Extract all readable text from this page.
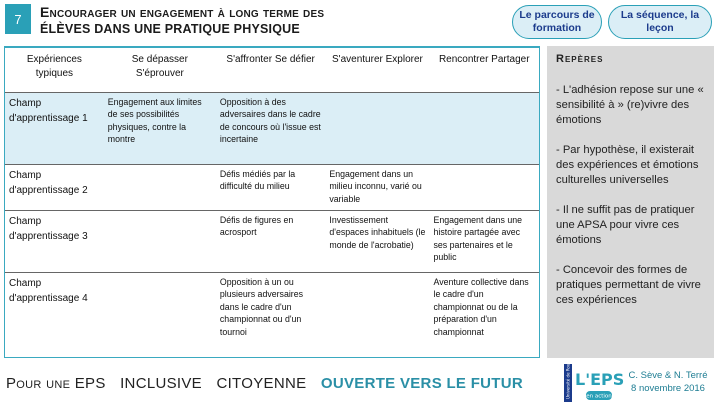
7	Encourager un engagement à long terme des
ÉLÈVES DANS UNE PRATIQUE PHYSIQUE
Le parcours de formation
La séquence, la leçon
Expériences typiques	Se dépasser S'éprouver	S'affronter Se défier	S'aventurer Explorer	Rencontrer Partager
Champ d'apprentissage 1	Engagement aux limites de ses possibilités physiques, contre la montre	Opposition à des adversaires dans le cadre de concours où l'issue est incertaine		
Champ d'apprentissage 2		Défis médiés par la difficulté du milieu	Engagement dans un milieu inconnu, varié ou variable	
Champ d'apprentissage 3		Défis de figures en acrosport	Investissement d'espaces inhabituels (le monde de l'acrobatie)	Engagement dans une histoire partagée avec ses partenaires et le public
Champ d'apprentissage 4		Opposition à un ou plusieurs adversaires dans le cadre d'un championnat ou d'un tournoi		Aventure collective dans le cadre d'un championnat ou de la préparation d'un championnat
Repères
- L'adhésion repose sur une « sensibilité à » (re)vivre des émotions
- Par hypothèse, il existerait des expériences et émotions culturelles universelles
- Il ne suffit pas de pratiquer une APSA pour vivre ces émotions
- Concevoir des formes de pratiques permettant de vivre ces expériences
Pour une EPS INCLUSIVE CITOYENNE OUVERTE VERS LE FUTUR	Université de Rouen L'EPS
en action
C. Sève & N. Terré
8 novembre 2016
